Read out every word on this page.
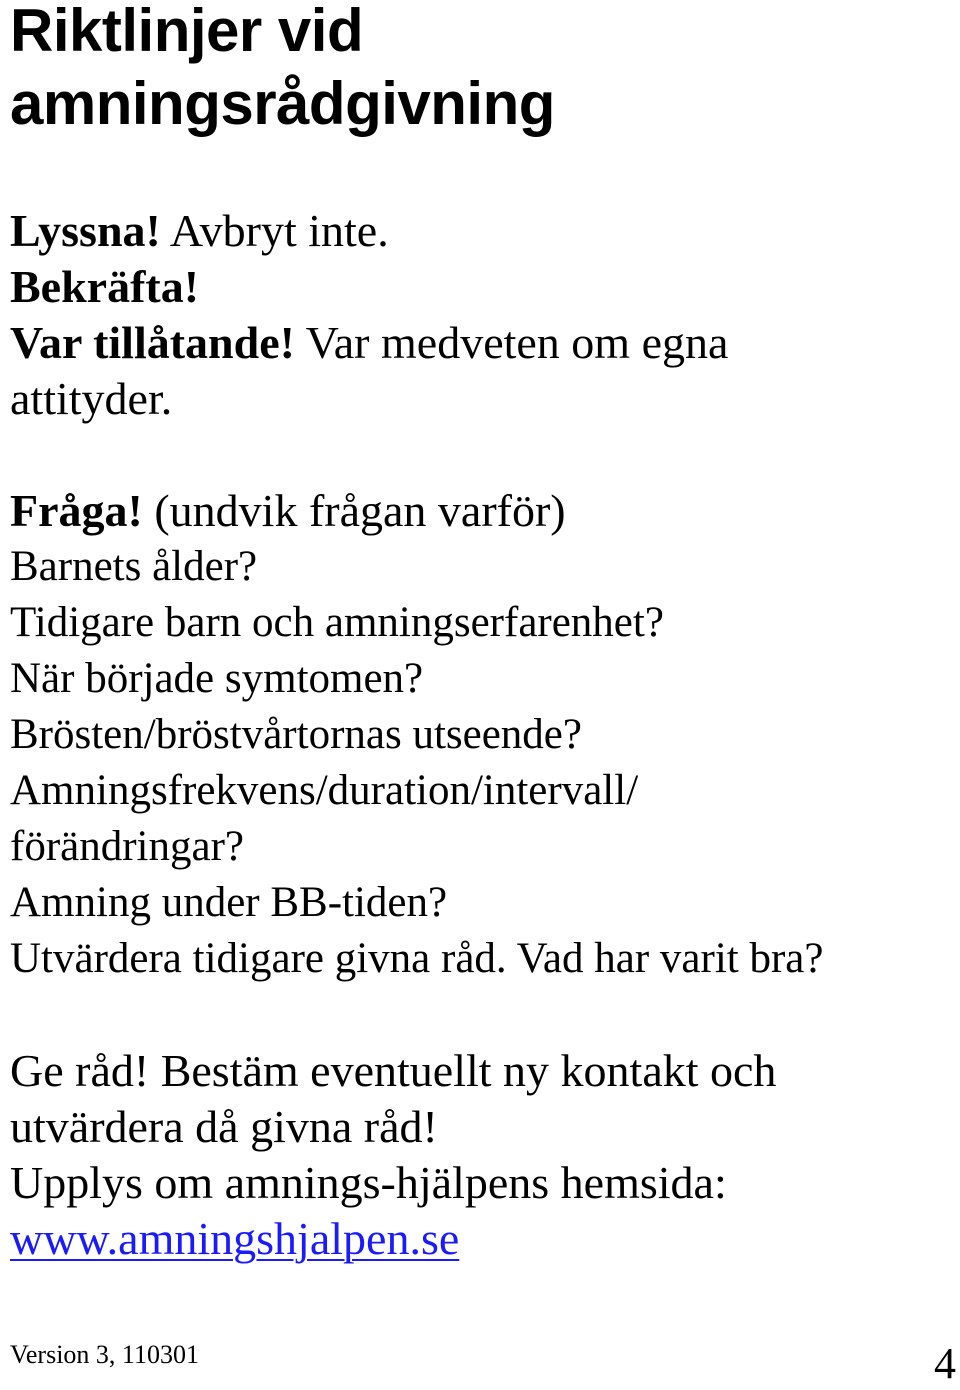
Riktlinjer vid
amningsrådgivning

Lyssna! Avbryt inte.

Bekräfta!

Var tillåtande! Var medveten om egna

attityder.

Fråga! (undvik frågan varför)

Barnets ålder?

Tidigare barn och amningserfarenhet?

När började symtomen?

Brösten/bröstvårtornas utseende?

Amningsfrekvens/duration/intervall/

förändringar?

Amning under BB-tiden?

Utvärdera tidigare givna råd. Vad har varit bra?

Ge råd! Bestäm eventuellt ny kontakt och

utvärdera då givna råd!

Upplys om amnings-hjälpens hemsida:

www.amningshjalpen.se

Version 3, 110301	4
